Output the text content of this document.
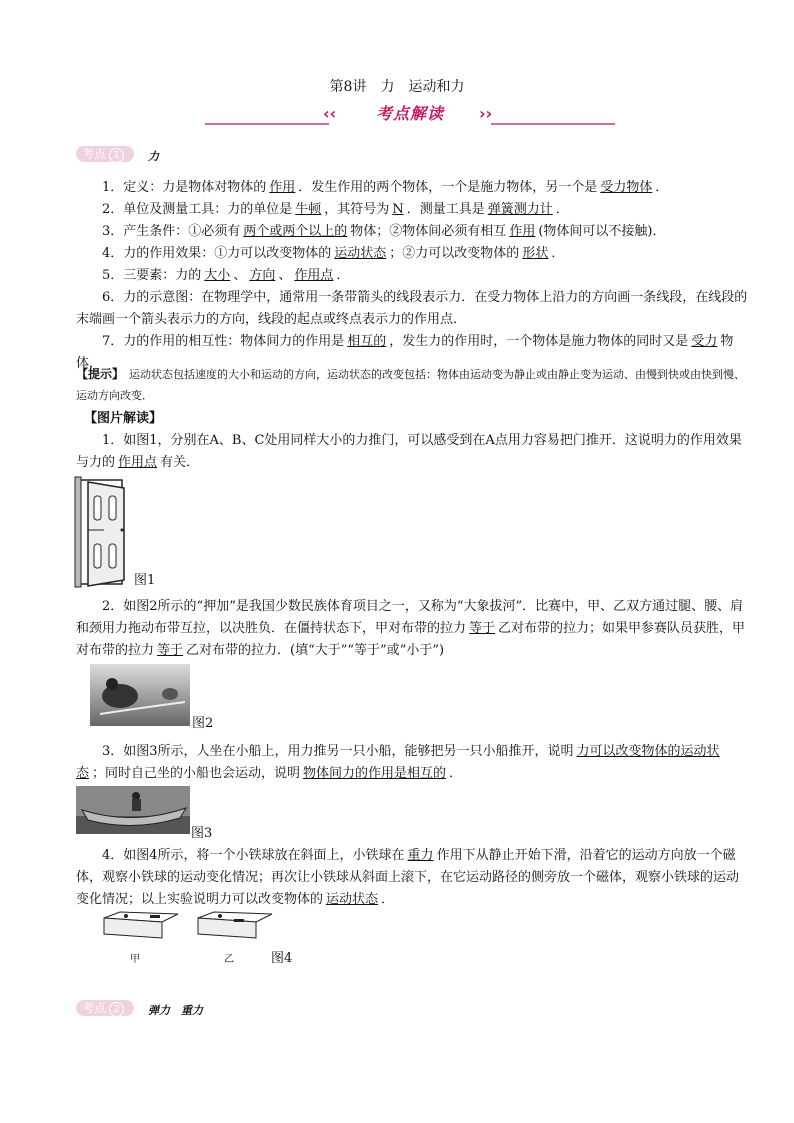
第8讲　力　运动和力
‹‹	考点解读	››
考点 1	力
1．定义：力是物体对物体的 作用 ．发生作用的两个物体，一个是施力物体，另一个是 受力物体 ．
2．单位及测量工具：力的单位是 牛顿 ，其符号为 N ．测量工具是 弹簧测力计 ．
3．产生条件：①必须有 两个或两个以上的 物体；②物体间必须有相互 作用 (物体间可以不接触)．
4．力的作用效果：①力可以改变物体的 运动状态 ；②力可以改变物体的 形状 ．
5．三要素：力的 大小 、 方向 、 作用点 ．
6．力的示意图：在物理学中，通常用一条带箭头的线段表示力．在受力物体上沿力的方向画一条线段，在线段的末端画一个箭头表示力的方向，线段的起点或终点表示力的作用点．
7．力的作用的相互性：物体间力的作用是 相互的 ，发生力的作用时，一个物体是施力物体的同时又是 受力 物体．
【提示】　 运动状态包括速度的大小和运动的方向，运动状态的改变包括：物体由运动变为静止或由静止变为运动、由慢到快或由快到慢、运动方向改变．
【图片解读】
1．如图1，分别在A、B、C处用同样大小的力推门，可以感受到在A点用力容易把门推开．这说明力的作用效果与力的 作用点 有关．
图1
2．如图2所示的“押加”是我国少数民族体育项目之一，又称为“大象拔河”．比赛中，甲、乙双方通过腿、腰、肩和颈用力拖动布带互拉，以决胜负．在僵持状态下，甲对布带的拉力 等于 乙对布带的拉力；如果甲参赛队员获胜，甲对布带的拉力 等于 乙对布带的拉力．(填“大于”“等于”或“小于”)
图2
3．如图3所示，人坐在小船上，用力推另一只小船，能够把另一只小船推开，说明 力可以改变物体的运动状态 ；同时自己坐的小船也会运动，说明 物体间力的作用是相互的 ．
图3
4．如图4所示，将一个小铁球放在斜面上，小铁球在 重力 作用下从静止开始下滑，沿着它的运动方向放一个磁体，观察小铁球的运动变化情况；再次让小铁球从斜面上滚下，在它运动路径的侧旁放一个磁体，观察小铁球的运动变化情况；以上实验说明力可以改变物体的 运动状态 ．
甲	乙	图4
考点 2	弹力　重力
